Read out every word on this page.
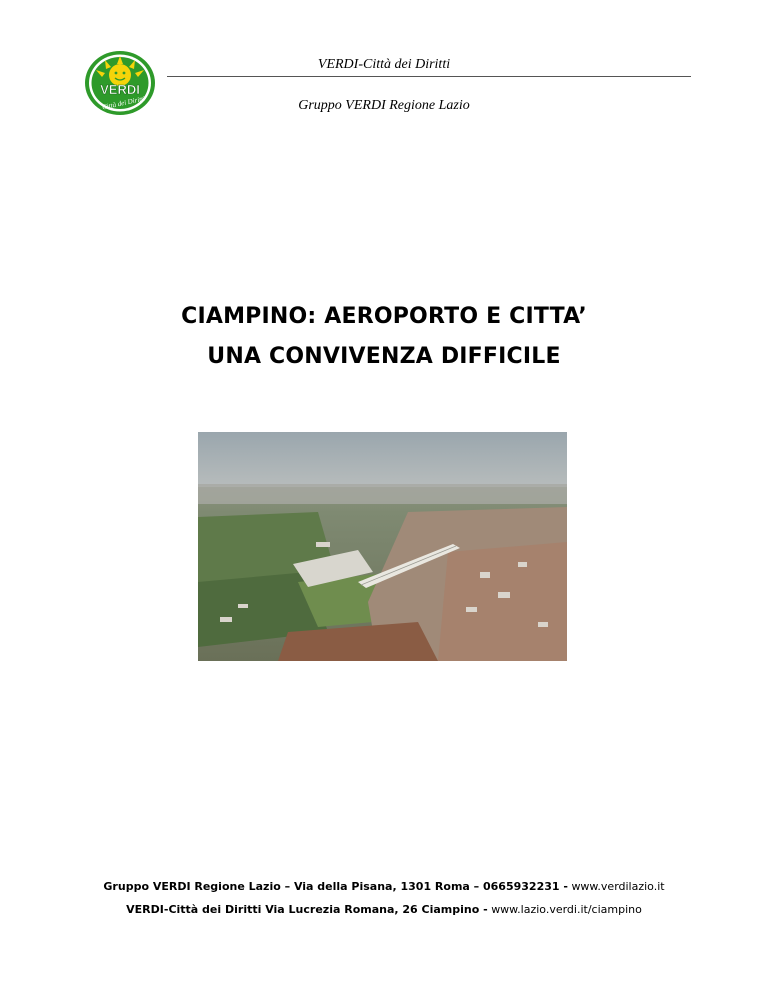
VERDI
Città dei Diritti
VERDI-Città dei Diritti
Gruppo VERDI Regione Lazio
CIAMPINO: AEROPORTO E CITTA’
UNA CONVIVENZA DIFFICILE
Gruppo VERDI Regione Lazio – Via della Pisana, 1301 Roma – 0665932231 - www.verdilazio.it
VERDI-Città dei Diritti Via Lucrezia Romana, 26 Ciampino - www.lazio.verdi.it/ciampino
